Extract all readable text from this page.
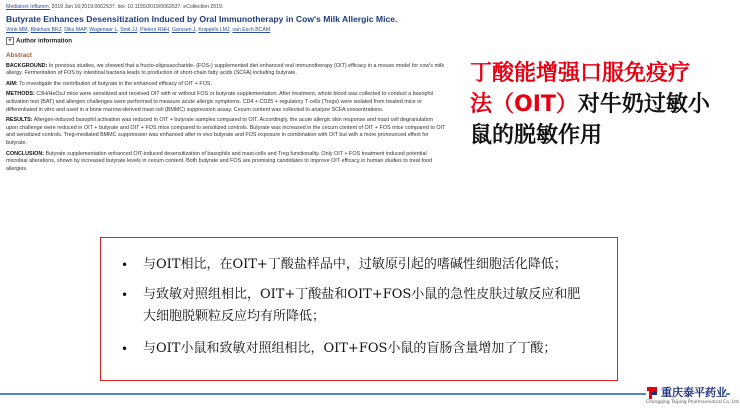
Mediators Inflamm. 2019 Jan 16;2019:0062537. doi: 10.1155/2019/0062537. eCollection 2019.
Butyrate Enhances Desensitization Induced by Oral Immunotherapy in Cow's Milk Allergic Mice.
Vonk MM, Blokhuis BRJ, Diks MAP, Wagenaar L, Smit JJ, Pieters RHH, Garssen J, Knippels LMJ, van Esch BCAM
+ Author information
Abstract
BACKGROUND: In previous studies, we showed that a fructo-oligosaccharide- (FOS-) supplemented diet enhanced oral immunotherapy (OIT) efficacy in a mouse model for cow's milk allergy. Fermentation of FOS by intestinal bacteria leads to production of short-chain fatty acids (SCFA) including butyrate.
AIM: To investigate the contribution of butyrate in the enhanced efficacy of OIT + FOS.
METHODS: C3H/HeOuJ mice were sensitized and received OIT with or without FOS or butyrate supplementation. After treatment, whole blood was collected to conduct a basophil activation test (BAT) and allergen challenges were performed to measure acute allergic symptoms. CD4 + CD25 + regulatory T cells (Tregs) were isolated from treated mice or differentiated in vitro and used in a bone marrow-derived mast cell (BMMC) suppression assay. Cecum content was collected to analyze SCFA concentrations.
RESULTS: Allergen-induced basophil activation was reduced in OIT + butyrate samples compared to OIT. Accordingly, the acute allergic skin response and mast cell degranulation upon challenge were reduced in OIT + butyrate and OIT + FOS mice compared to sensitized controls. Butyrate was increased in the cecum content of OIT + FOS mice compared to OIT and sensitized controls. Treg-mediated BMMC suppression was enhanced after in vivo butyrate and FOS exposure in combination with OIT but with a more pronounced effect for butyrate.
CONCLUSION: Butyrate supplementation enhanced OIT-induced desensitization of basophils and mast cells and Treg functionality. Only OIT + FOS treatment induced potential microbial alterations, shown by increased butyrate levels in cecum content. Both butyrate and FOS are promising candidates to improve OIT efficacy in human studies to treat food allergies.
丁酸能增强口服免疫疗
法（OIT）对牛奶过敏小
鼠的脱敏作用
• 与OIT相比，在OIT+丁酸盐样品中，过敏原引起的嗜碱性细胞活化降低；
• 与致敏对照组相比，OIT+丁酸盐和OIT+FOS小鼠的急性皮肤过敏反应和肥
大细胞脱颗粒反应均有所降低；
• 与OIT小鼠和致敏对照组相比，OIT+FOS小鼠的盲肠含量增加了丁酸；
重庆泰平药业
Chongqing Taiping Pharmaceutical Co.,Ltd.
